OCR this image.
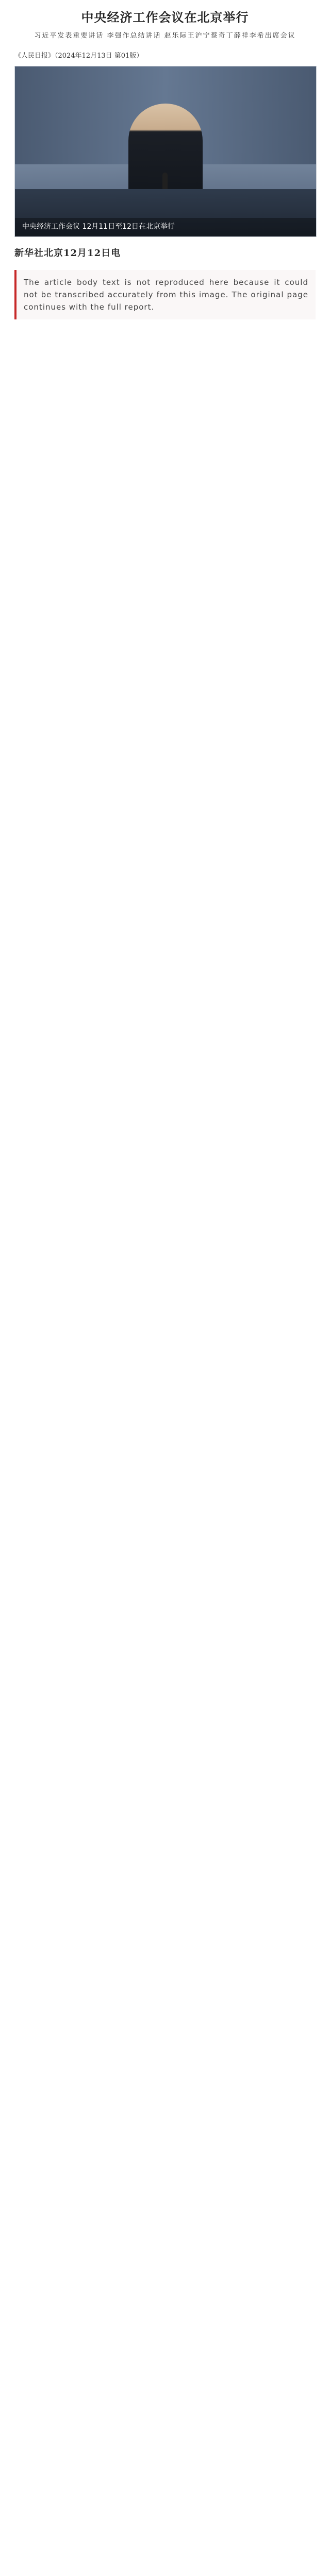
中央经济工作会议在北京举行
习近平发表重要讲话 李强作总结讲话 赵乐际王沪宁蔡奇丁薛祥李希出席会议
《人民日报》（2024年12月13日 第01版）
中央经济工作会议 12月11日至12日在北京举行
新华社北京12月12日电
The article body text is not reproduced here because it could not be transcribed accurately from this image. The original page continues with the full report.
